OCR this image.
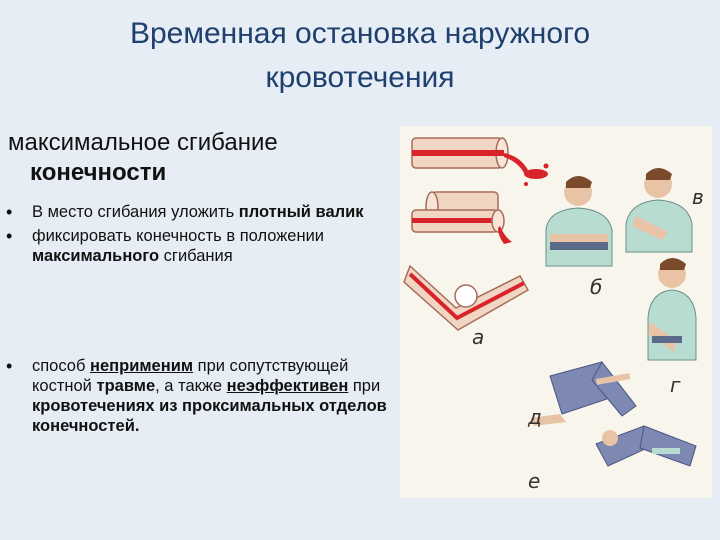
Временная остановка наружного
кровотечения
максимальное сгибание
конечности
•	В место сгибания уложить плотный валик
•	фиксировать конечность в положении максимального сгибания
•	способ неприменим при сопутствующей костной травме, а также неэффективен при кровотечениях из проксимальных отделов конечностей.
а
б
в
г
д
е
